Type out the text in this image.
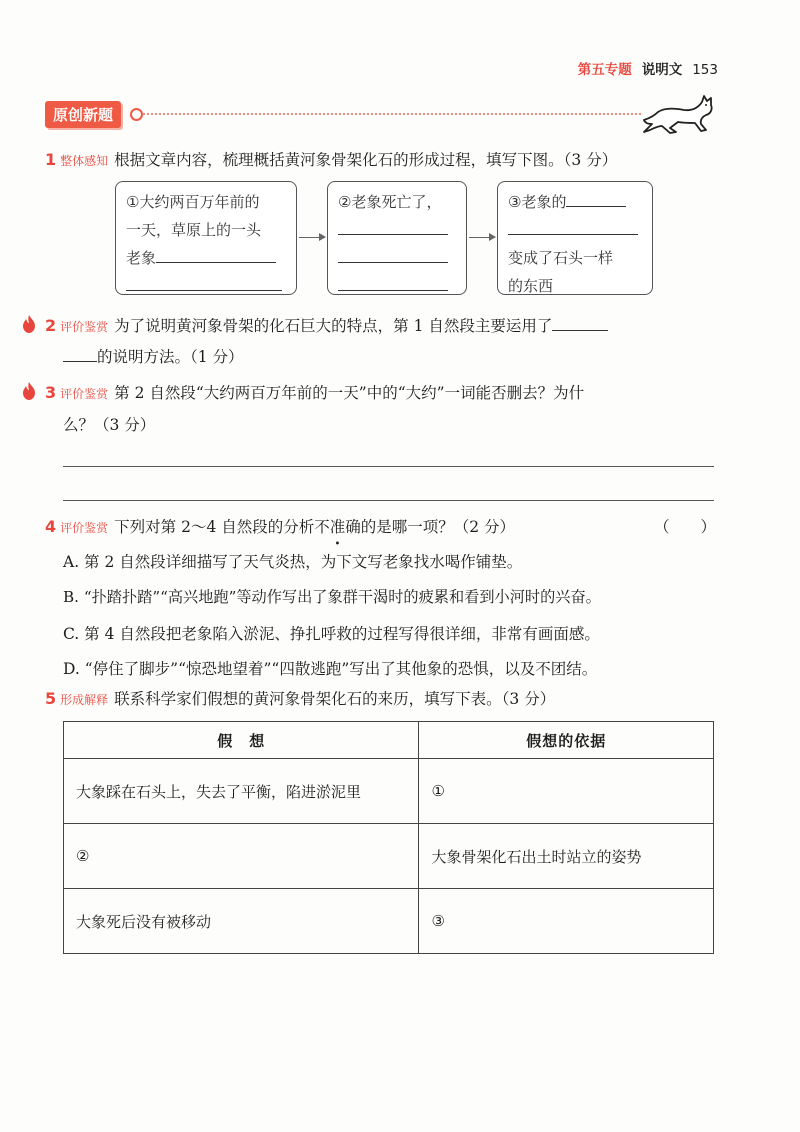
第五专题 说明文 153
原创新题
1 整体感知 根据文章内容，梳理概括黄河象骨架化石的形成过程，填写下图。（3 分）
①大约两百万年前的
一天，草原上的一头
老象
②老象死亡了，	③老象的
变成了石头一样
的东西
2 评价鉴赏 为了说明黄河象骨架的化石巨大的特点，第 1 自然段主要运用了
的说明方法。（1 分）
3 评价鉴赏 第 2 自然段“大约两百万年前的一天”中的“大约”一词能否删去？为什
么？（3 分）
4 评价鉴赏 下列对第 2～4 自然段的分析不准确的是哪一项？（2 分）	（　　）
A. 第 2 自然段详细描写了天气炎热，为下文写老象找水喝作铺垫。
B. “扑踏扑踏”“高兴地跑”等动作写出了象群干渴时的疲累和看到小河时的兴奋。
C. 第 4 自然段把老象陷入淤泥、挣扎呼救的过程写得很详细，非常有画面感。
D. “停住了脚步”“惊恐地望着”“四散逃跑”写出了其他象的恐惧，以及不团结。
5 形成解释 联系科学家们假想的黄河象骨架化石的来历，填写下表。（3 分）
假　想	假想的依据
大象踩在石头上，失去了平衡，陷进淤泥里	①
②	大象骨架化石出土时站立的姿势
大象死后没有被移动	③
